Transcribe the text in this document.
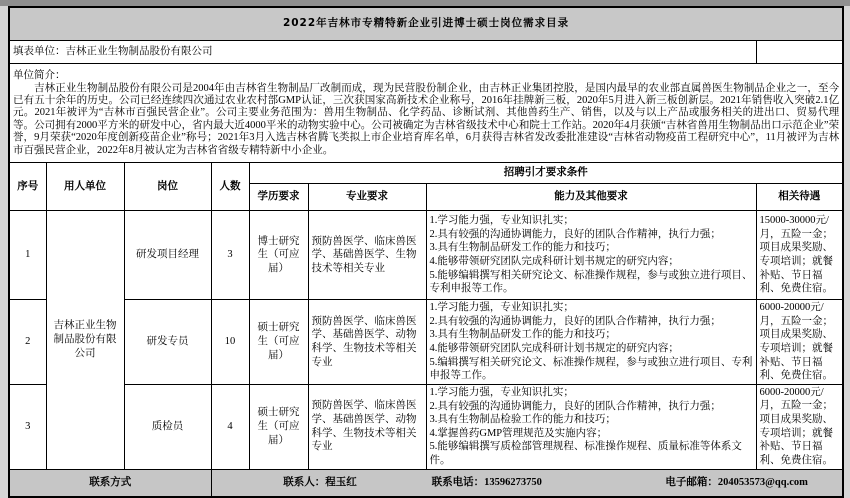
2022年吉林市专精特新企业引进博士硕士岗位需求目录							
填表单位：吉林正业生物制品股份有限公司							

单位简介：

吉林正业生物制品股份有限公司是2004年由吉林省生物制品厂改制而成，现为民营股份制企业，由吉林正业集团控股，是国内最早的农业部直属兽医生物制品企业之一，至今已有五十余年的历史。公司已经连续四次通过农业农村部GMP认证，三次获国家高新技术企业称号，2016年挂牌新三板，2020年5月进入新三板创新层。2021年销售收入突破2.1亿元。2021年被评为“吉林市百强民营企业”。公司主要业务范围为：兽用生物制品、化学药品、诊断试剂、其他兽药生产、销售，以及与以上产品或服务相关的进出口、贸易代理等。公司拥有2000平方米的研发中心，省内最大近4000平米的动物实验中心。公司被确定为吉林省级技术中心和院士工作站。2020年4月获颁“吉林省兽用生物制品出口示范企业”荣誉，9月荣获“2020年度创新疫苗企业”称号；2021年3月入选吉林省腾飞类拟上市企业培育库名单，6月获得吉林省发改委批准建设“吉林省动物疫苗工程研究中心”，11月被评为吉林市百强民营企业，2022年8月被认定为吉林省省级专精特新中小企业。							

序号	用人单位	岗位	人数	招聘引才要求条件			
				学历要求	专业要求	能力及其他要求	相关待遇
1	吉林正业生物制品股份有限公司	研发项目经理	3	博士研究生（可应届）	预防兽医学、临床兽医学、基础兽医学、生物技术等相关专业	1.学习能力强，专业知识扎实；
2.具有较强的沟通协调能力，良好的团队合作精神，执行力强；
3.具有生物制品研发工作的能力和技巧；
4.能够带领研究团队完成科研计划书规定的研究内容；
5.能够编辑撰写相关研究论文、标准操作规程，参与或独立进行项目、专利申报等工作。	15000-30000元/月，五险一金；项目成果奖励、专项培训；就餐补贴、节日福利、免费住宿。
2		研发专员	10	硕士研究生（可应届）	预防兽医学、临床兽医学、基础兽医学、动物科学、生物技术等相关专业	1.学习能力强，专业知识扎实；
2.具有较强的沟通协调能力，良好的团队合作精神，执行力强；
3.具有生物制品研发工作的能力和技巧；
4.能够带领研究团队完成科研计划书规定的研究内容；
5.编辑撰写相关研究论文、标准操作规程，参与或独立进行项目、专利申报等工作。	6000-20000元/月，五险一金；项目成果奖励、专项培训；就餐补贴、节日福利、免费住宿。
3		质检员	4	硕士研究生（可应届）	预防兽医学、临床兽医学、基础兽医学、动物科学、生物技术等相关专业	1.学习能力强，专业知识扎实；
2.具有较强的沟通协调能力，良好的团队合作精神，执行力强；
3.具有生物制品检验工作的能力和技巧；
4.掌握兽药GMP管理规范及实施内容；
5.能够编辑撰写质检部管理规程、标准操作规程、质量标准等体系文件。	6000-20000元/月，五险一金；项目成果奖励、专项培训；就餐补贴、节日福利、免费住宿。
联系方式			联系人：程玉红 联系电话：13596273750 电子邮箱：204053573@qq.com				
